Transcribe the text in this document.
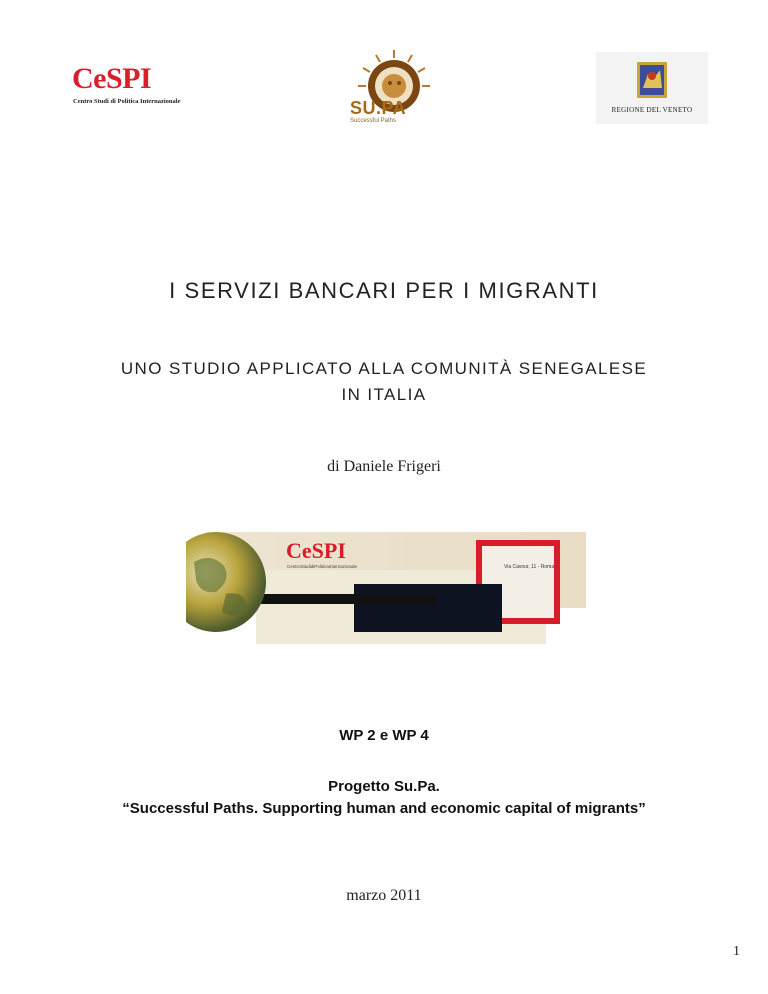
CeSPI
Centro Studi di Politica Internazionale	SU.PA
Successful Paths
REGIONE DEL VENETO
I SERVIZI BANCARI PER I MIGRANTI
UNO STUDIO APPLICATO ALLA COMUNITÀ SENEGALESE
IN ITALIA
di Daniele Frigeri
CeSPI
CentroStudidiPoliticaInternazionale	Via Cavour, 11 - Roma
WP 2 e WP 4
Progetto Su.Pa.
“Successful Paths. Supporting human and economic capital of migrants”
marzo 2011
1
